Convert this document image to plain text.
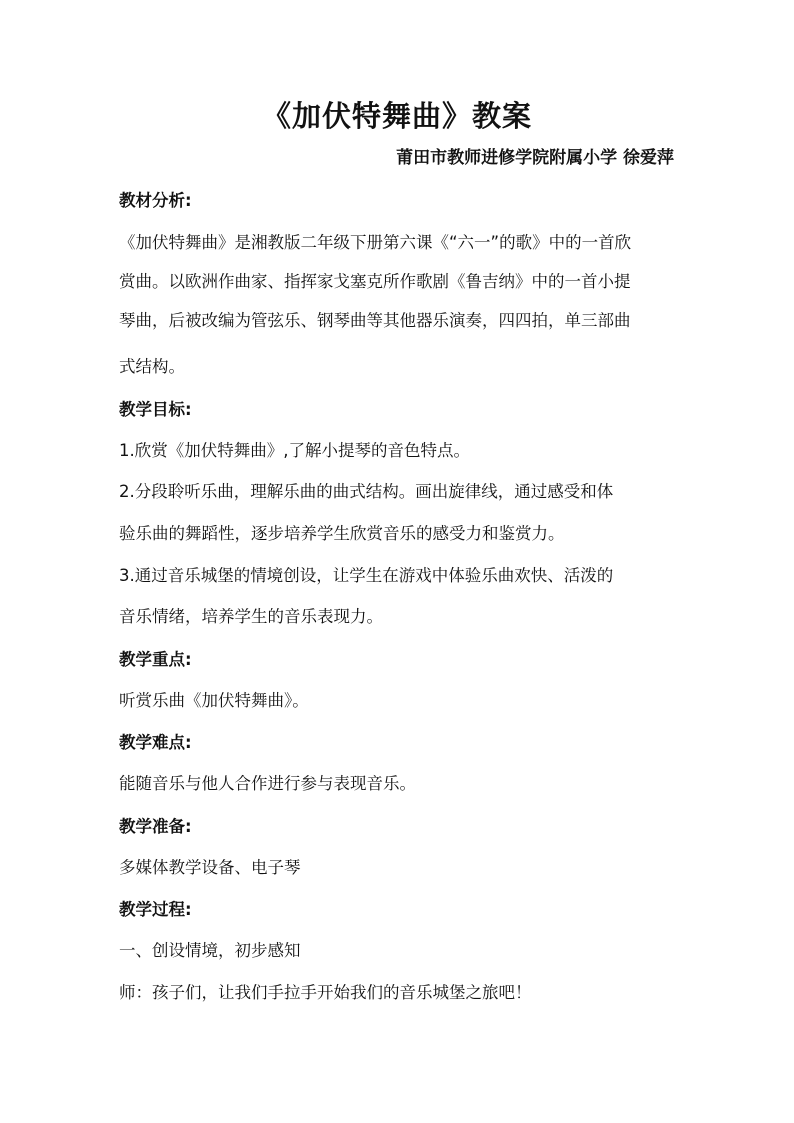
《加伏特舞曲》教案
莆田市教师进修学院附属小学 徐爱萍
教材分析:
《加伏特舞曲》是湘教版二年级下册第六课《“六一”的歌》中的一首欣
赏曲。以欧洲作曲家、指挥家戈塞克所作歌剧《鲁吉纳》中的一首小提
琴曲，后被改编为管弦乐、钢琴曲等其他器乐演奏，四四拍，单三部曲
式结构。
教学目标:
1.欣赏《加伏特舞曲》,了解小提琴的音色特点。
2.分段聆听乐曲，理解乐曲的曲式结构。画出旋律线，通过感受和体
验乐曲的舞蹈性，逐步培养学生欣赏音乐的感受力和鉴赏力。
3.通过音乐城堡的情境创设，让学生在游戏中体验乐曲欢快、活泼的
音乐情绪，培养学生的音乐表现力。
教学重点:
听赏乐曲《加伏特舞曲》。
教学难点:
能随音乐与他人合作进行参与表现音乐。
教学准备:
多媒体教学设备、电子琴
教学过程:
一、创设情境，初步感知
师：孩子们，让我们手拉手开始我们的音乐城堡之旅吧！
